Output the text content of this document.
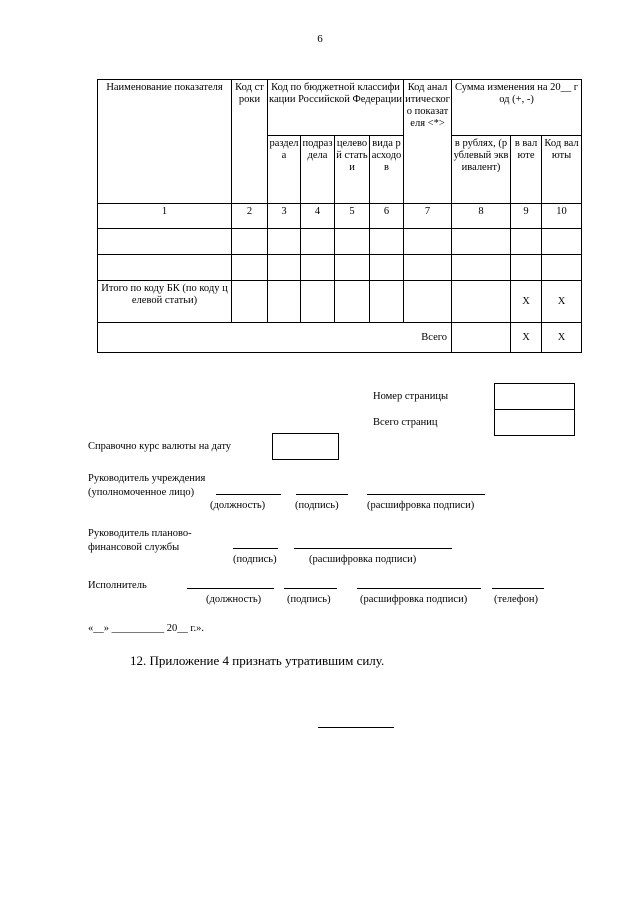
6
Наименование показателя	Код строки	Код по бюджетной классификации Российской Федерации				Код аналитического показателя <*>	Сумма изменения на 20__ год (+, -)		
		раздела	подраздела	целевой статьи	вида расходов		в рублях, (рублевый эквивалент)	в валюте	Код валюты
1	2	3	4	5	6	7	8	9	10

Итого по коду БК (по коду целевой статьи)								X	X
Всего								X	X
Номер страницы
Всего страниц
Справочно курс валюты на дату
Руководитель учреждения
(уполномоченное лицо)
(должность)	(подпись)	(расшифровка подписи)
Руководитель планово-
финансовой службы
(подпись)	(расшифровка подписи)
Исполнитель
(должность) (подпись)	(расшифровка подписи)	(телефон)
«__» __________ 20__ г.».
12. Приложение 4 признать утратившим силу.
